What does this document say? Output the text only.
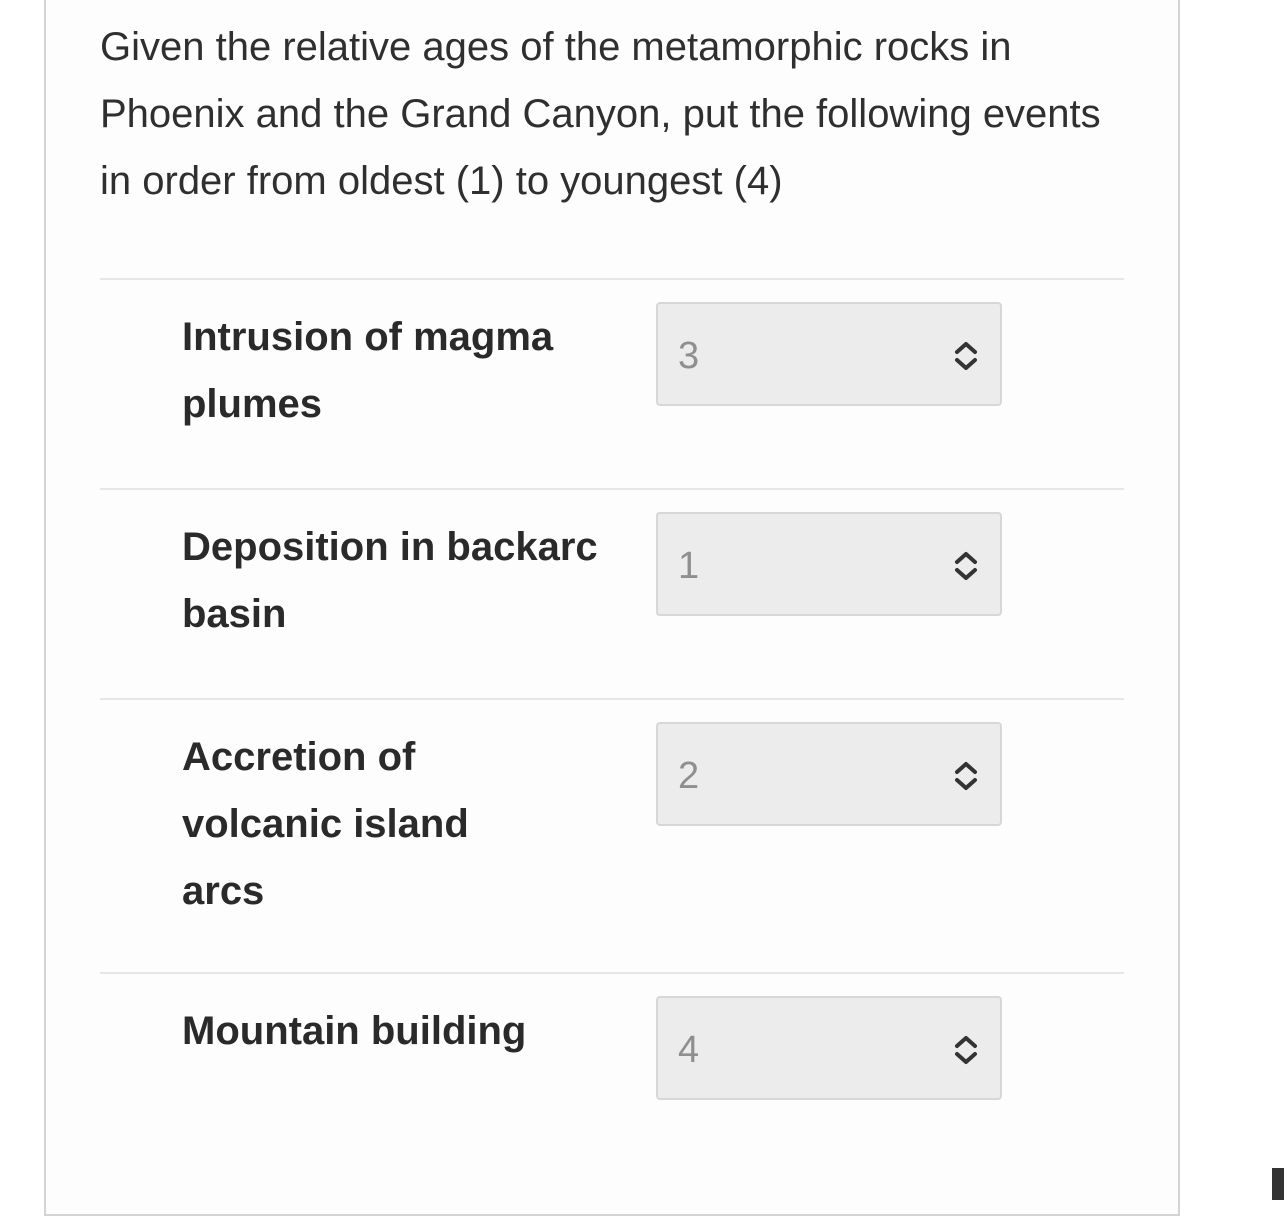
Given the relative ages of the metamorphic rocks in Phoenix and the Grand Canyon, put the following events in order from oldest (1) to youngest (4)

Intrusion of magma plumes
3
Deposition in backarc basin
1
Accretion of volcanic island arcs
2
Mountain building	4
